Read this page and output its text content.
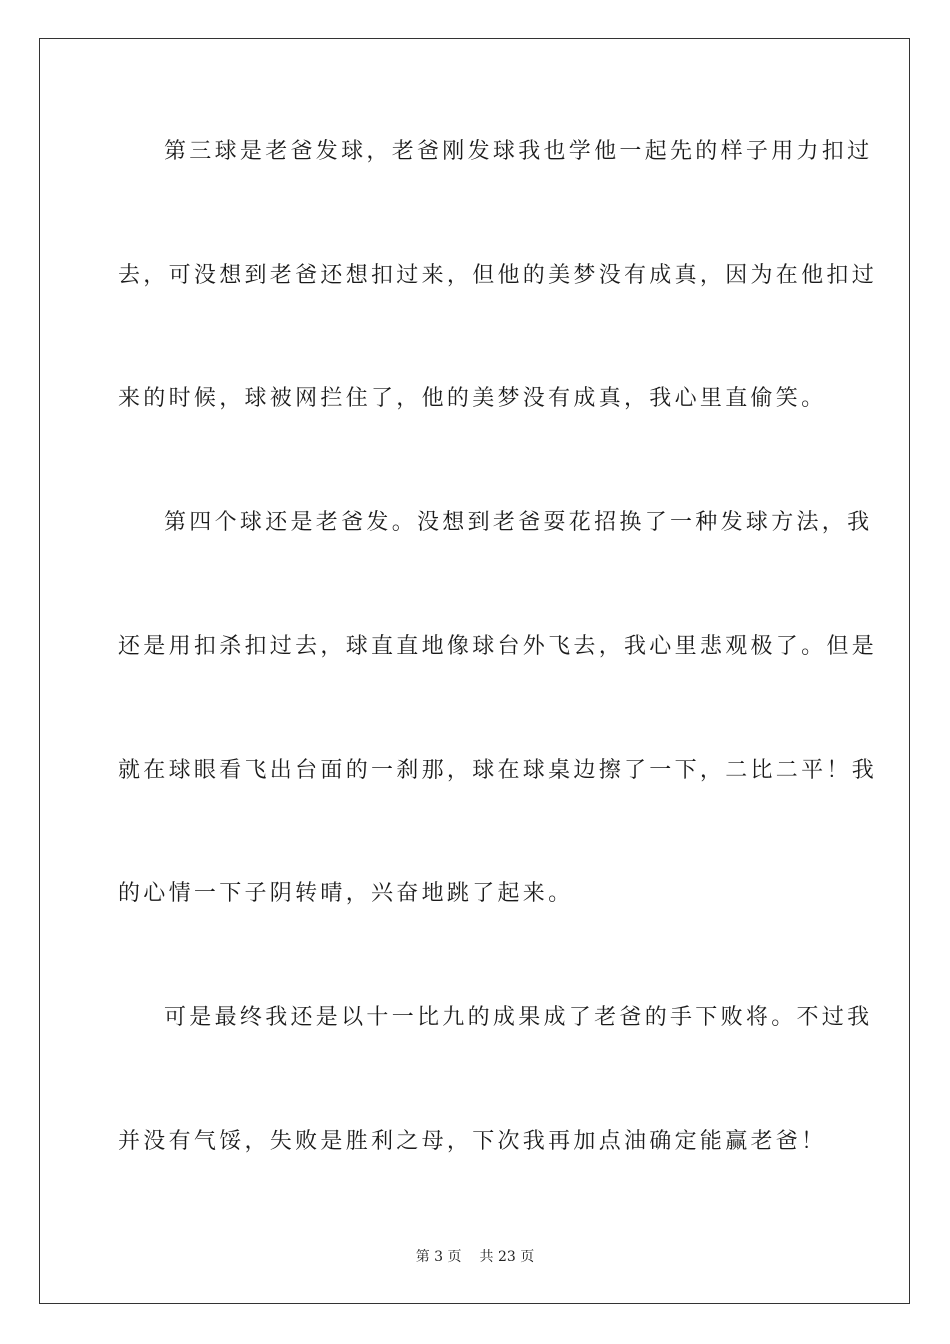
第三球是老爸发球，老爸刚发球我也学他一起先的样子用力扣过
去，可没想到老爸还想扣过来，但他的美梦没有成真，因为在他扣过
来的时候，球被网拦住了，他的美梦没有成真，我心里直偷笑。
第四个球还是老爸发。没想到老爸耍花招换了一种发球方法，我
还是用扣杀扣过去，球直直地像球台外飞去，我心里悲观极了。但是
就在球眼看飞出台面的一刹那，球在球桌边擦了一下，二比二平！我
的心情一下子阴转晴，兴奋地跳了起来。
可是最终我还是以十一比九的成果成了老爸的手下败将。不过我
并没有气馁，失败是胜利之母，下次我再加点油确定能赢老爸！
第 3 页 共 23 页
